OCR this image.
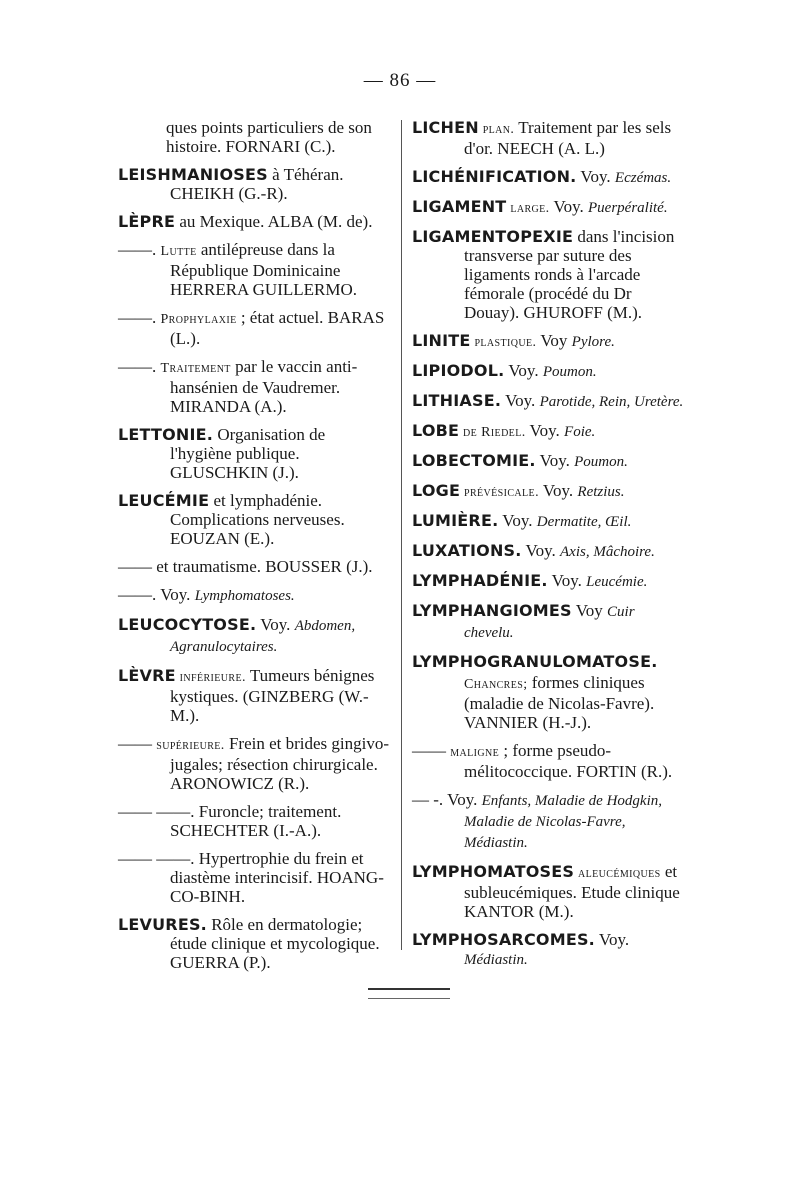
— 86 —
ques points particuliers de son histoire. FORNARI (C.).
LEISHMANIOSES à Téhéran. CHEIKH (G.-R).
LÈPRE au Mexique. ALBA (M. de).
——. Lutte antilépreuse dans la République Dominicaine HERRERA GUILLERMO.
——. Prophylaxie ; état actuel. BARAS (L.).
——. Traitement par le vaccin anti-hansénien de Vaudremer. MIRANDA (A.).
LETTONIE. Organisation de l'hygiène publique. GLUSCHKIN (J.).
LEUCÉMIE et lymphadénie. Complications nerveuses. EOUZAN (E.).
—— et traumatisme. BOUSSER (J.).
——. Voy. Lymphomatoses.
LEUCOCYTOSE. Voy. Abdomen, Agranulocytaires.
LÈVRE inférieure. Tumeurs bénignes kystiques. (GINZBERG (W.-M.).
—— supérieure. Frein et brides gingivo-jugales; résection chirurgicale. ARONOWICZ (R.).
—— ——. Furoncle; traitement. SCHECHTER (I.-A.).
—— ——. Hypertrophie du frein et diastème interincisif. HOANG-CO-BINH.
LEVURES. Rôle en dermatologie; étude clinique et mycologique. GUERRA (P.).
LICHEN plan. Traitement par les sels d'or. NEECH (A. L.)
LICHÉNIFICATION. Voy. Eczémas.
LIGAMENT large. Voy. Puerpéralité.
LIGAMENTOPEXIE dans l'incision transverse par suture des ligaments ronds à l'arcade fémorale (procédé du Dr Douay). GHUROFF (M.).
LINITE plastique. Voy Pylore.
LIPIODOL. Voy. Poumon.
LITHIASE. Voy. Parotide, Rein, Uretère.
LOBE de Riedel. Voy. Foie.
LOBECTOMIE. Voy. Poumon.
LOGE prévésicale. Voy. Retzius.
LUMIÈRE. Voy. Dermatite, Œil.
LUXATIONS. Voy. Axis, Mâchoire.
LYMPHADÉNIE. Voy. Leucémie.
LYMPHANGIOMES Voy Cuir chevelu.
LYMPHOGRANULOMATOSE. Chancres; formes cliniques (maladie de Nicolas-Favre). VANNIER (H.-J.).
—— maligne ; forme pseudo-mélitococcique. FORTIN (R.).
— -. Voy. Enfants, Maladie de Hodgkin, Maladie de Nicolas-Favre, Médiastin.
LYMPHOMATOSES aleucémiques et subleucémiques. Etude clinique KANTOR (M.).
LYMPHOSARCOMES. Voy. Médiastin.
